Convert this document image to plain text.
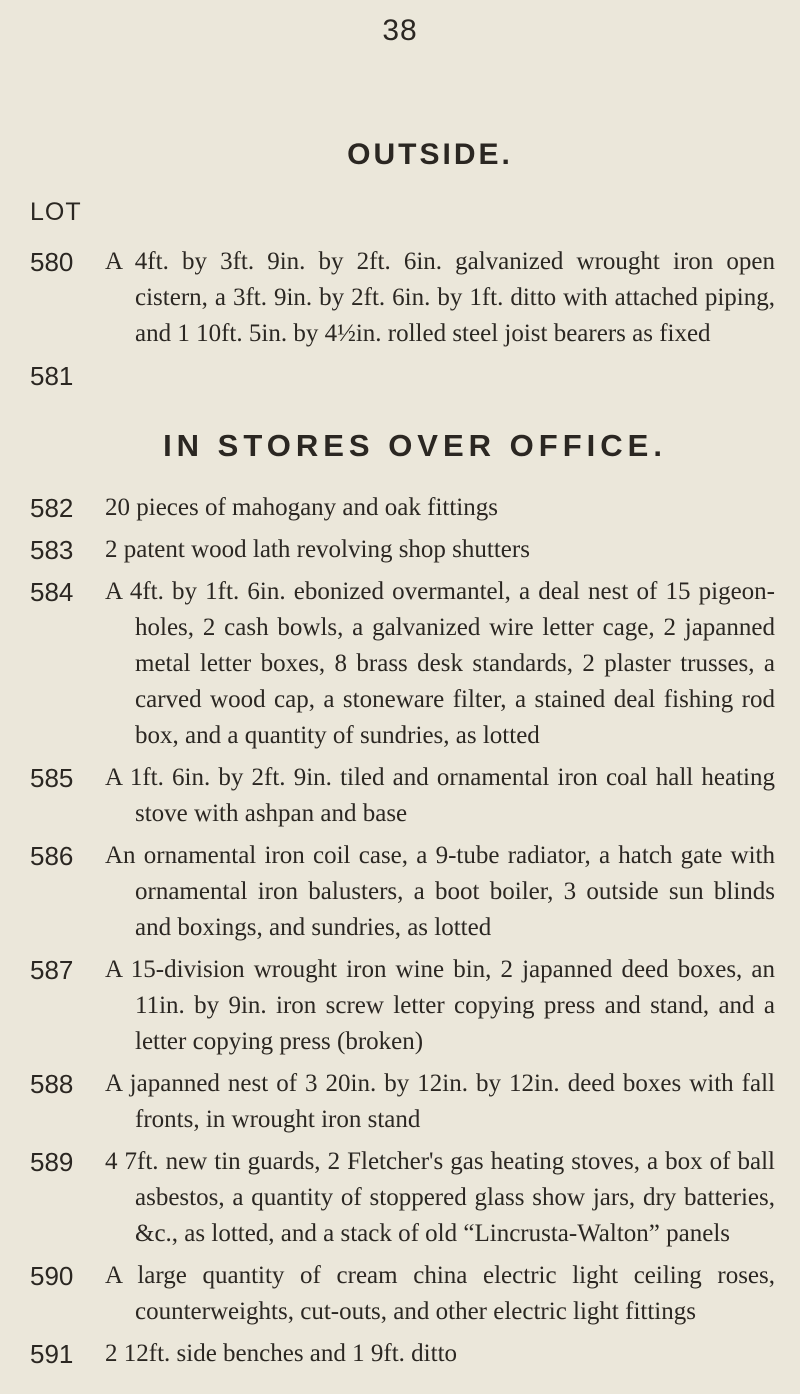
38
OUTSIDE.
LOT
580	A 4ft. by 3ft. 9in. by 2ft. 6in. galvanized wrought iron open cistern, a 3ft. 9in. by 2ft. 6in. by 1ft. ditto with attached piping, and 1 10ft. 5in. by 4½in. rolled steel joist bearers as fixed
581
IN STORES OVER OFFICE.
582	20 pieces of mahogany and oak fittings
583	2 patent wood lath revolving shop shutters
584	A 4ft. by 1ft. 6in. ebonized overmantel, a deal nest of 15 pigeon-holes, 2 cash bowls, a galvanized wire letter cage, 2 japanned metal letter boxes, 8 brass desk standards, 2 plaster trusses, a carved wood cap, a stoneware filter, a stained deal fishing rod box, and a quantity of sundries, as lotted
585	A 1ft. 6in. by 2ft. 9in. tiled and ornamental iron coal hall heating stove with ashpan and base
586	An ornamental iron coil case, a 9-tube radiator, a hatch gate with ornamental iron balusters, a boot boiler, 3 outside sun blinds and boxings, and sundries, as lotted
587	A 15-division wrought iron wine bin, 2 japanned deed boxes, an 11in. by 9in. iron screw letter copying press and stand, and a letter copying press (broken)
588	A japanned nest of 3 20in. by 12in. by 12in. deed boxes with fall fronts, in wrought iron stand
589	4 7ft. new tin guards, 2 Fletcher's gas heating stoves, a box of ball asbestos, a quantity of stoppered glass show jars, dry batteries, &c., as lotted, and a stack of old “Lincrusta-Walton” panels
590	A large quantity of cream china electric light ceiling roses, counterweights, cut-outs, and other electric light fittings
591	2 12ft. side benches and 1 9ft. ditto
